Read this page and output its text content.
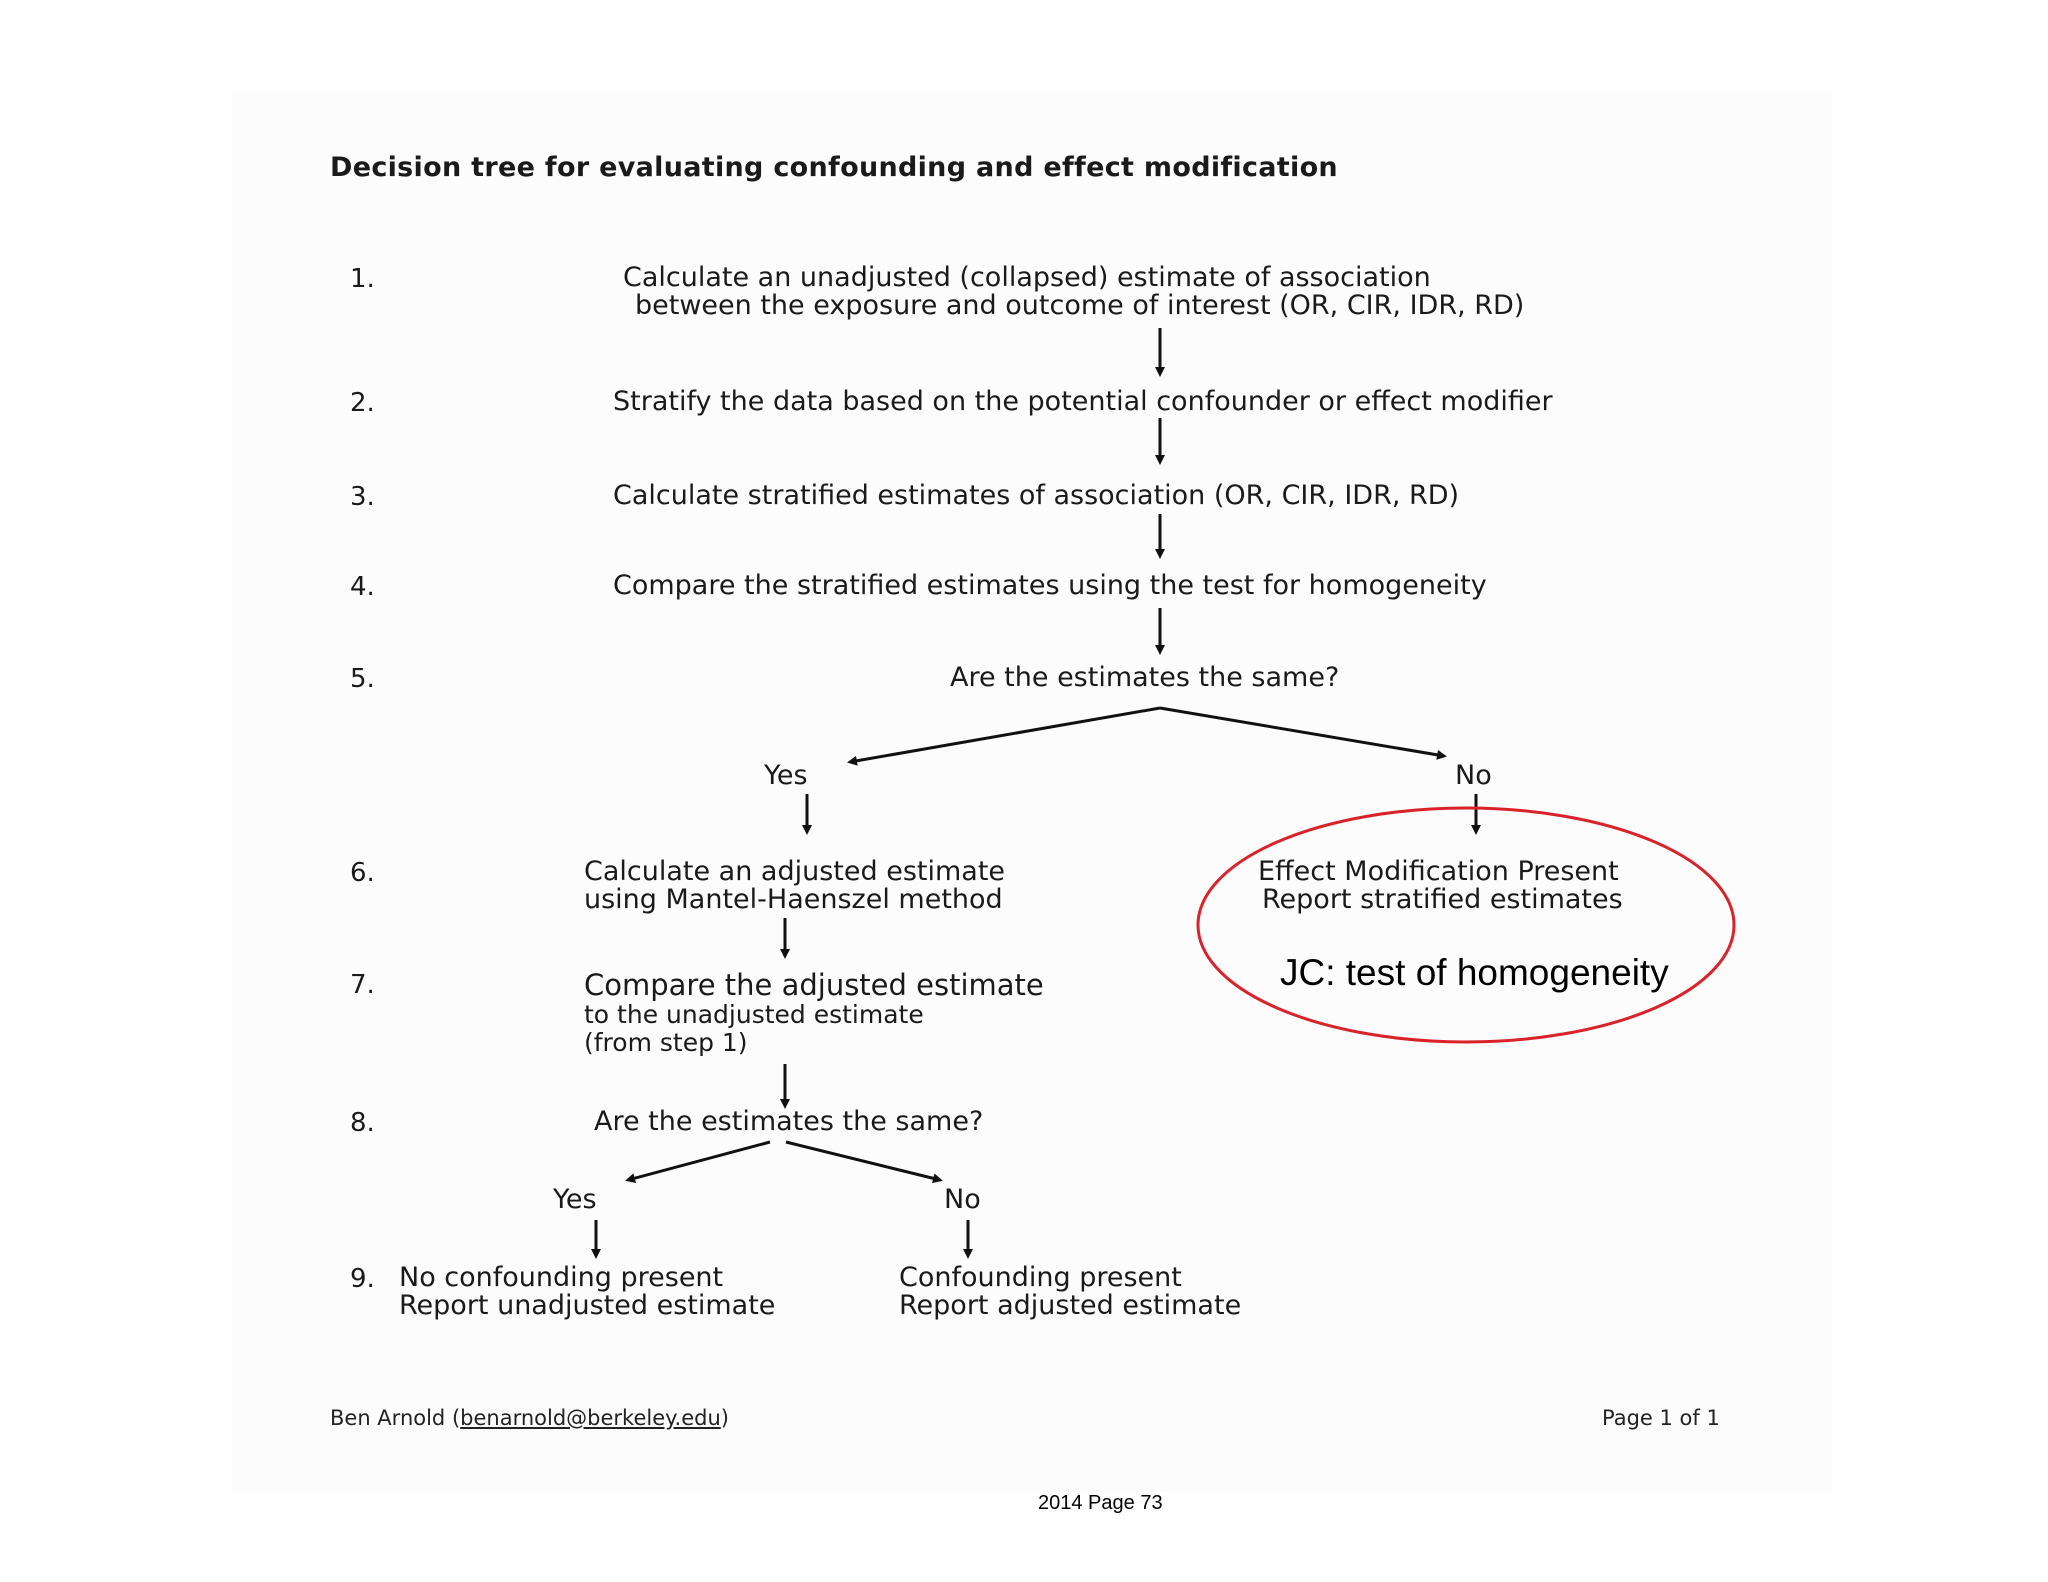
Decision tree for evaluating confounding and effect modification
1.
2.
3.
4.
5.
6.
7.
8.
9.
Calculate an unadjusted (collapsed) estimate of association
between the exposure and outcome of interest (OR, CIR, IDR, RD)
Stratify the data based on the potential confounder or effect modifier
Calculate stratified estimates of association (OR, CIR, IDR, RD)
Compare the stratified estimates using the test for homogeneity
Are the estimates the same?
Yes	No
Calculate an adjusted estimate
using Mantel-Haenszel method
Effect Modification Present
Report stratified estimates
Compare the adjusted estimate
to the unadjusted estimate
(from step 1)
Are the estimates the same?
Yes	No
No confounding present
Report unadjusted estimate
Confounding present
Report adjusted estimate
Ben Arnold (benarnold@berkeley.edu)	Page 1 of 1
JC: test of homogeneity
2014 Page 73
